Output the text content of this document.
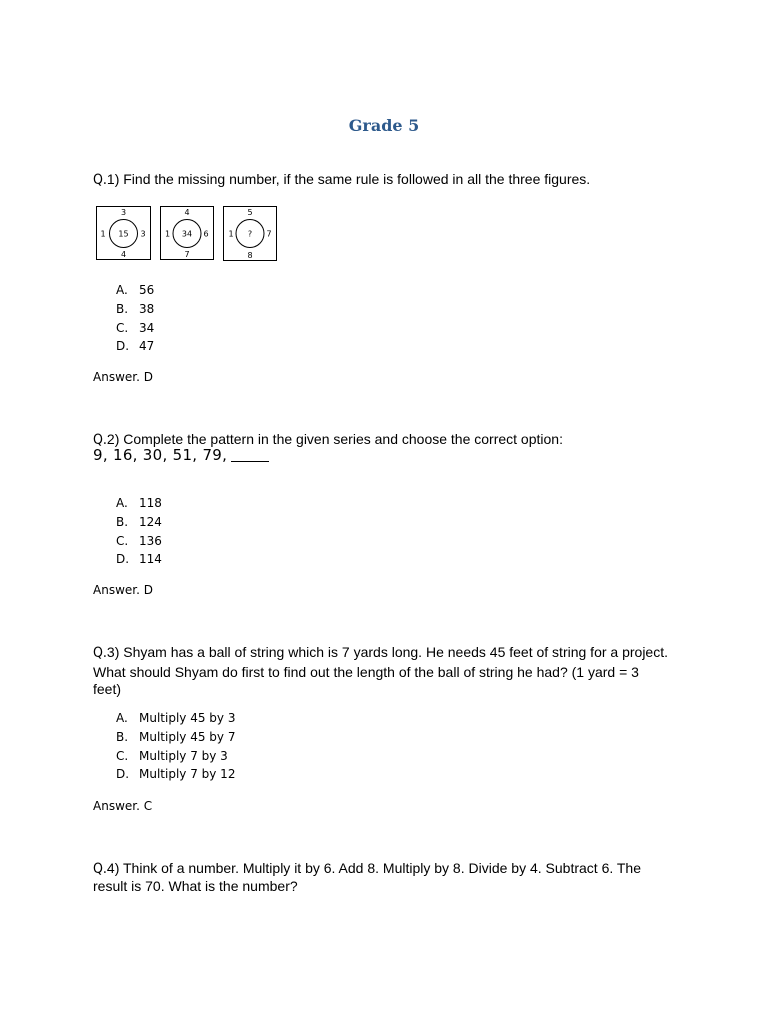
Grade 5
Q.1) Find the missing number, if the same rule is followed in all the three figures.
3
1 15 3
4
4
1 34 6
7
5
1 ? 7
8
A. 56
B. 38
C. 34
D. 47
Answer. D
Q.2) Complete the pattern in the given series and choose the correct option:
9, 16, 30, 51, 79,
A. 118
B. 124
C. 136
D. 114
Answer. D
Q.3) Shyam has a ball of string which is 7 yards long. He needs 45 feet of string for a project.
What should Shyam do first to find out the length of the ball of string he had? (1 yard = 3
feet)
A. Multiply 45 by 3
B. Multiply 45 by 7
C. Multiply 7 by 3
D. Multiply 7 by 12
Answer. C
Q.4) Think of a number. Multiply it by 6. Add 8. Multiply by 8. Divide by 4. Subtract 6. The
result is 70. What is the number?
